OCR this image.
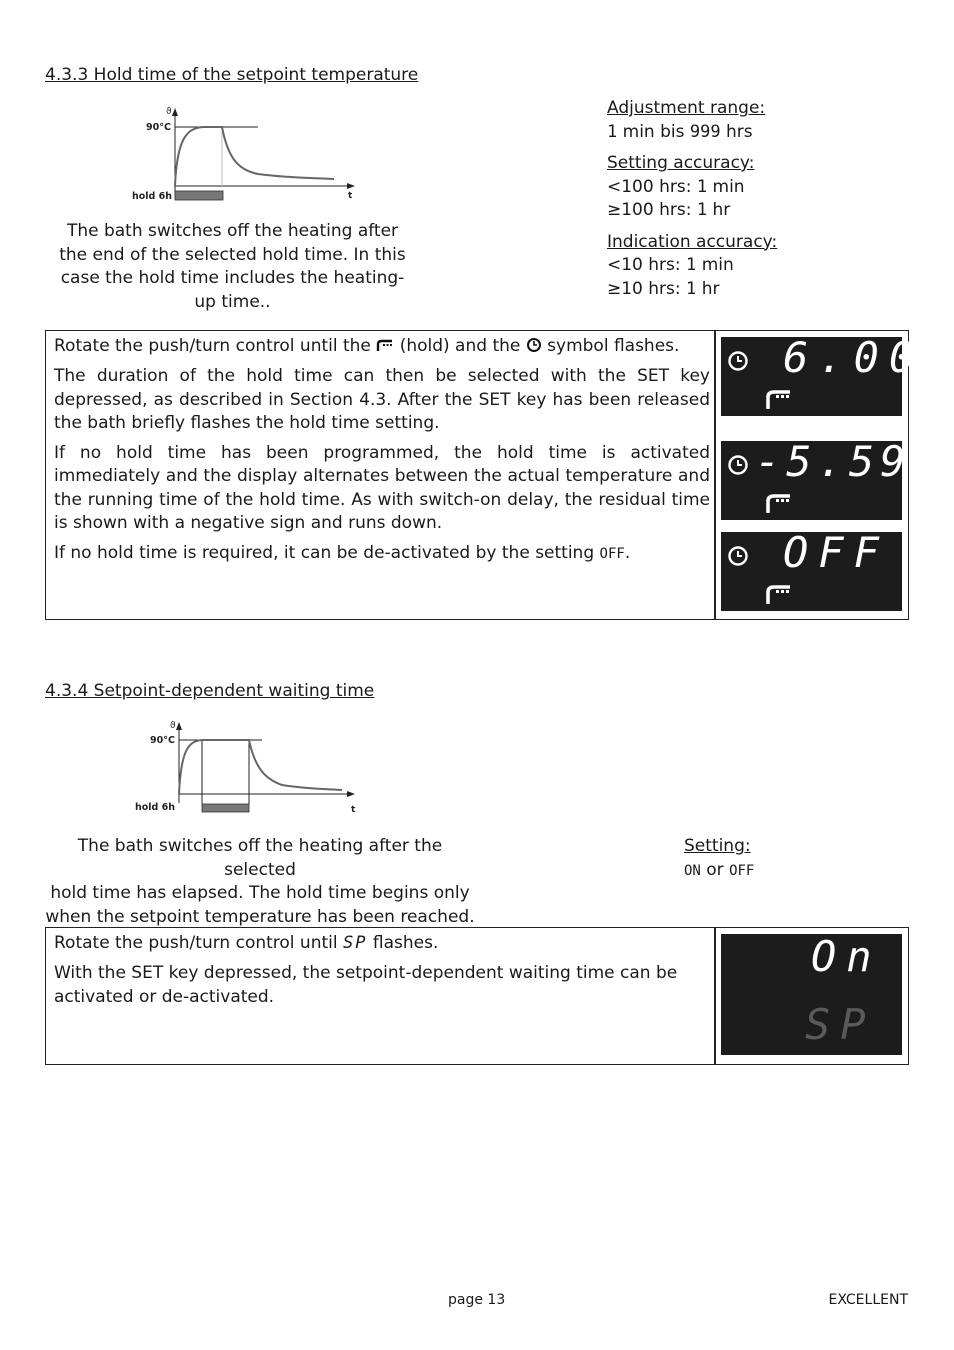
4.3.3 Hold time of the setpoint temperature
ϑ
90°C
hold 6h	t
The bath switches off the heating after
the end of the selected hold time. In this
case the hold time includes the heating-
up time..
Adjustment range:
1 min bis 999 hrs
Setting accuracy:
<100 hrs: 1 min
≥100 hrs: 1 hr
Indication accuracy:
<10 hrs: 1 min
≥10 hrs: 1 hr

Rotate the push/turn control until the  (hold) and the  symbol flashes.

The duration of the hold time can then be selected with the SET key depressed, as described in Section 4.3. After the SET key has been released the bath briefly flashes the hold time setting.

If no hold time has been programmed, the hold time is activated immediately and the display alternates between the actual temperature and the running time of the hold time. As with switch-on delay, the residual time is shown with a negative sign and runs down.

If no hold time is required, it can be de-activated by the setting OFF.

6.00
-5.59
OFF
4.3.4 Setpoint-dependent waiting time
ϑ
90°C
hold 6h	t
The bath switches off the heating after the selected
hold time has elapsed. The hold time begins only
when the setpoint temperature has been reached.
Setting:
ON or OFF

Rotate the push/turn control until SP flashes.

With the SET key depressed, the setpoint-dependent waiting time can be activated or de-activated.

On
SP
page 13	EXCELLENT
